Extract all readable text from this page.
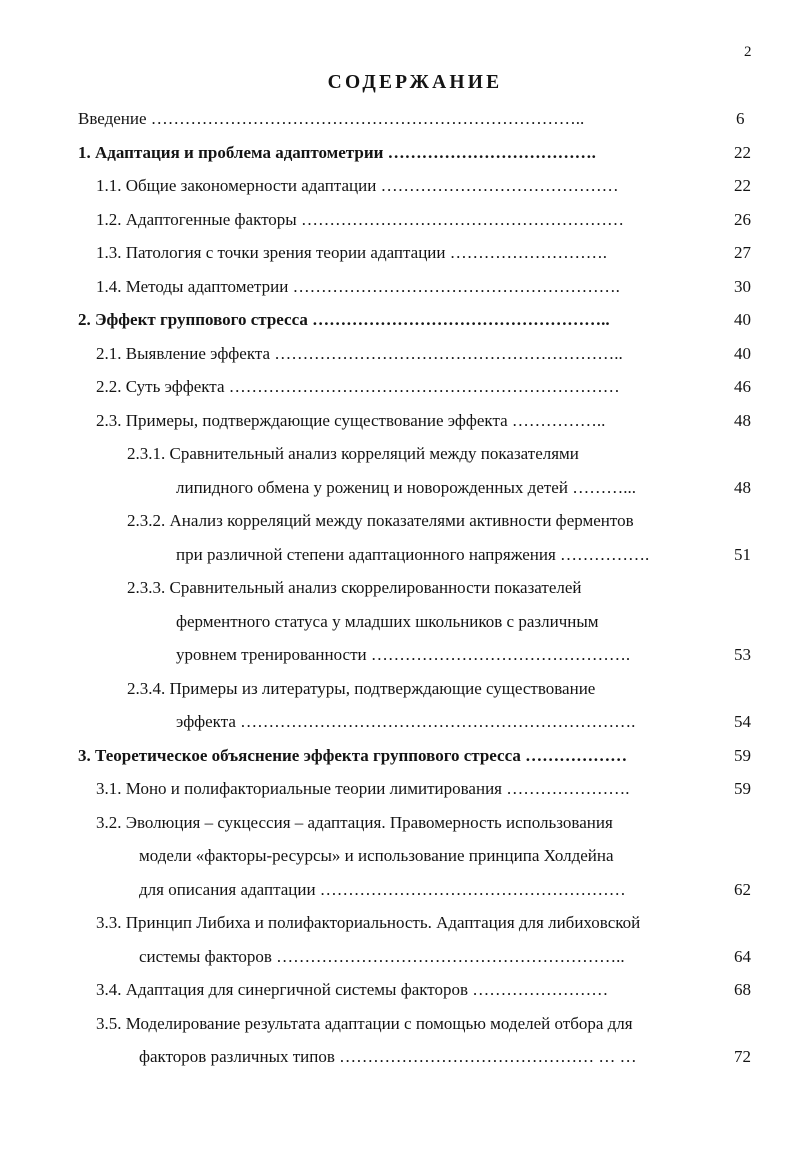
2
СОДЕРЖАНИЕ
Введение …………………………………………………………………..	6
1. Адаптация и проблема адаптометрии ……………………………….	22
1.1. Общие закономерности адаптации ……………………………………	22
1.2. Адаптогенные факторы …………………………………………………	26
1.3. Патология с точки зрения теории адаптации ……………………….	27
1.4. Методы адаптометрии ………………………………………………….	30
2. Эффект группового стресса ……………………………………………..	40
2.1. Выявление эффекта ……………………………………………………..	40
2.2. Суть эффекта ……………………………………………………………	46
2.3. Примеры, подтверждающие существование эффекта ……………..	48
2.3.1. Сравнительный анализ корреляций между показателями
липидного обмена у рожениц и новорожденных детей ………...	48
2.3.2. Анализ корреляций между показателями активности ферментов
при различной степени адаптационного напряжения …………….	51
2.3.3. Сравнительный анализ скоррелированности показателей
ферментного статуса у младших школьников с различным
уровнем тренированности ……………………………………….	53
2.3.4. Примеры из литературы, подтверждающие существование
эффекта …………………………………………………………….	54
3. Теоретическое объяснение эффекта группового стресса ………………	59
3.1. Моно и полифакториальные теории лимитирования ………………….	59
3.2. Эволюция – сукцессия – адаптация. Правомерность использования
модели «факторы-ресурсы» и использование принципа Холдейна
для описания адаптации ………………………………………………	62
3.3. Принцип Либиха и полифакториальность. Адаптация для либиховской
системы факторов ……………………………………………………..	64
3.4. Адаптация для синергичной системы факторов ……………………	68
3.5. Моделирование результата адаптации с помощью моделей отбора для
факторов различных типов ……………………………………… … …	72
